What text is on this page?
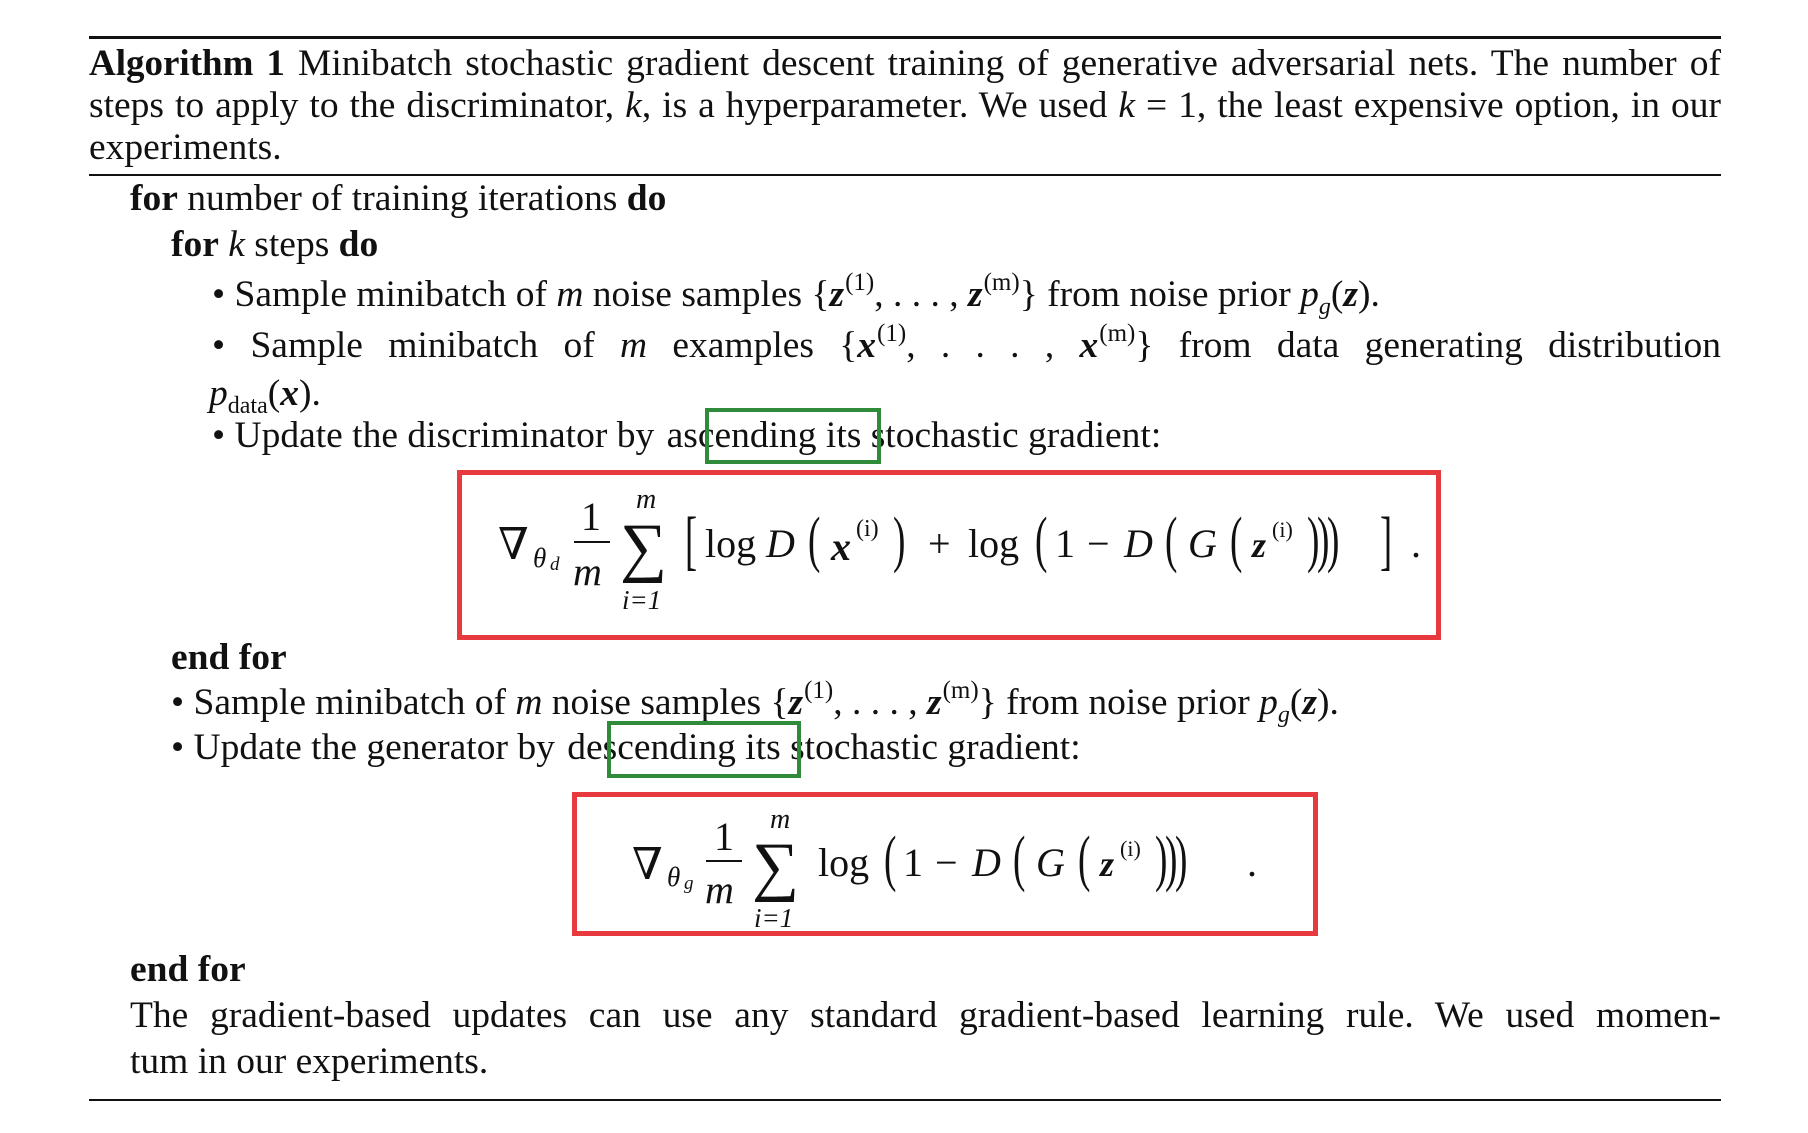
Algorithm 1 Minibatch stochastic gradient descent training of generative adversarial nets. The number of
steps to apply to the discriminator, k, is a hyperparameter. We used k = 1, the least expensive option, in our
experiments.
for number of training iterations do
for k steps do
• Sample minibatch of m noise samples {$z^{(1)}$, . . . , $z^{(m)}$} from noise prior $p_g(z)$.
• Sample minibatch of m examples {$x^{(1)}$, . . . , $x^{(m)}$} from data generating distribution
$p_{data}(x)$.
• Update the discriminator by ascending its stochastic gradient:
∇ θ d
1
m
m
∑
i=1
[ log D ( x (i) ) + log ( 1 − D ( G ( z (i) ))) ] .
end for
• Sample minibatch of m noise samples {$z^{(1)}$, . . . , $z^{(m)}$} from noise prior $p_g(z)$.
• Update the generator by descending its stochastic gradient:
∇ θ g
1
m
m
∑
i=1
log ( 1 − D ( G ( z (i) ))) .
end for
The gradient-based updates can use any standard gradient-based learning rule. We used momen-
tum in our experiments.
